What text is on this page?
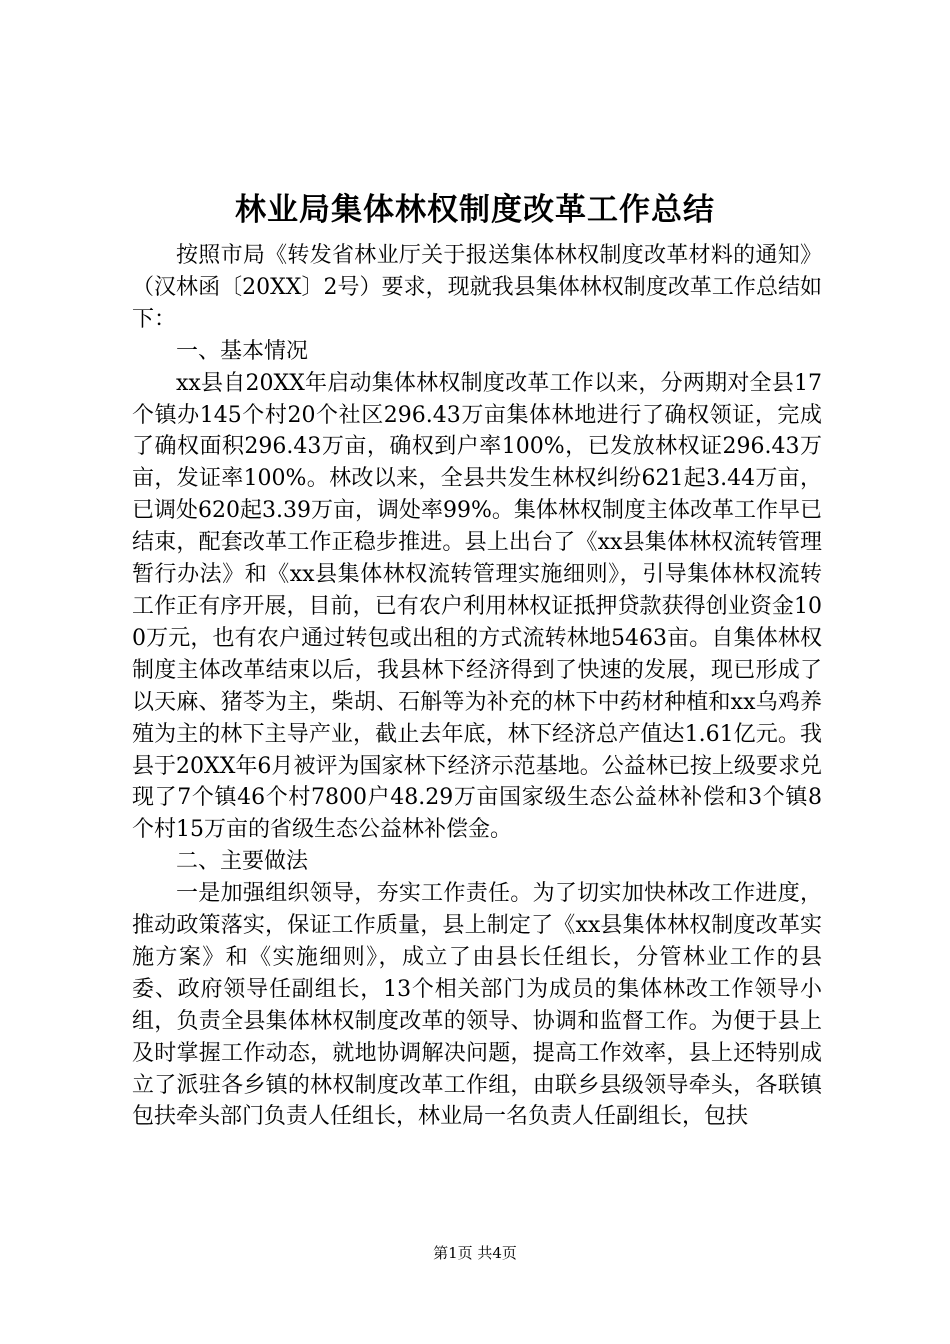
林业局集体林权制度改革工作总结

按照市局《转发省林业厅关于报送集体林权制度改革材料的通知》（汉林函〔20XX〕2号）要求，现就我县集体林权制度改革工作总结如下：

一、基本情况

xx县自20XX年启动集体林权制度改革工作以来，分两期对全县17个镇办145个村20个社区296.43万亩集体林地进行了确权领证，完成了确权面积296.43万亩，确权到户率100%，已发放林权证296.43万亩，发证率100%。林改以来，全县共发生林权纠纷621起3.44万亩，已调处620起3.39万亩，调处率99%。集体林权制度主体改革工作早已结束，配套改革工作正稳步推进。县上出台了《xx县集体林权流转管理暂行办法》和《xx县集体林权流转管理实施细则》，引导集体林权流转工作正有序开展，目前，已有农户利用林权证抵押贷款获得创业资金100万元，也有农户通过转包或出租的方式流转林地5463亩。自集体林权制度主体改革结束以后，我县林下经济得到了快速的发展，现已形成了以天麻、猪苓为主，柴胡、石斛等为补充的林下中药材种植和xx乌鸡养殖为主的林下主导产业，截止去年底，林下经济总产值达1.61亿元。我县于20XX年6月被评为国家林下经济示范基地。公益林已按上级要求兑现了7个镇46个村7800户48.29万亩国家级生态公益林补偿和3个镇8个村15万亩的省级生态公益林补偿金。

二、主要做法

一是加强组织领导，夯实工作责任。为了切实加快林改工作进度，推动政策落实，保证工作质量，县上制定了《xx县集体林权制度改革实施方案》和《实施细则》，成立了由县长任组长，分管林业工作的县委、政府领导任副组长，13个相关部门为成员的集体林改工作领导小组，负责全县集体林权制度改革的领导、协调和监督工作。为便于县上及时掌握工作动态，就地协调解决问题，提高工作效率，县上还特别成立了派驻各乡镇的林权制度改革工作组，由联乡县级领导牵头，各联镇包扶牵头部门负责人任组长，林业局一名负责人任副组长，包扶

第1页 共4页
